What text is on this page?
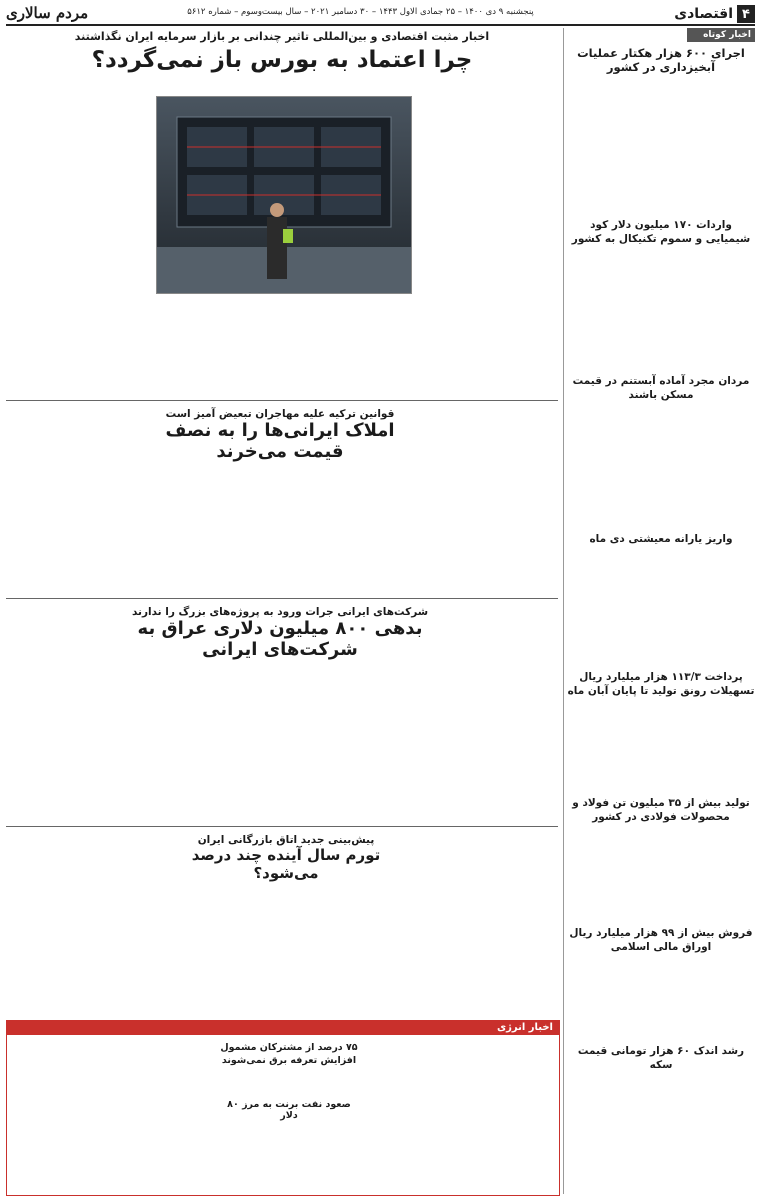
۴
اقتصادی
پنجشنبه ۹ دی ۱۴۰۰ – ۲۵ جمادی الاول ۱۴۴۳ – ۳۰ دسامبر ۲۰۲۱ – سال بیست‌وسوم – شماره ۵۶۱۲
مردم سالاری
اخبار کوتاه
اجرای ۶۰۰ هزار هکتار عملیات آبخیزداری در کشور
واردات ۱۷۰ میلیون دلار کود شیمیایی و سموم تکنیکال به کشور
مردان مجرد آماده آبستنم در قیمت مسکن باشند
واریز یارانه معیشتی دی ماه
پرداخت ۱۱۳/۳ هزار میلیارد ریال تسهیلات رونق تولید تا پایان آبان ماه
تولید بیش از ۳۵ میلیون تن فولاد و محصولات فولادی در کشور
فروش بیش از ۹۹ هزار میلیارد ریال اوراق مالی اسلامی
رشد اندک ۶۰ هزار تومانی قیمت سکه
اخبار مثبت اقتصادی و بین‌المللی تاثیر چندانی بر بازار سرمایه ایران نگذاشتند
چرا اعتماد به بورس باز نمی‌گردد؟
قوانین ترکیه علیه مهاجران تبعیض آمیز است
املاک ایرانی‌ها را به نصف قیمت می‌خرند
شرکت‌های ایرانی جرات ورود به پروژه‌های بزرگ را ندارند
بدهی ۸۰۰ میلیون دلاری عراق به شرکت‌های ایرانی
پیش‌بینی جدید اتاق بازرگانی ایران
تورم سال آینده چند درصد می‌شود؟
اخبار انرژی
۷۵ درصد از مشترکان مشمول افزایش تعرفه برق نمی‌شوند
صعود نفت برنت به مرز ۸۰ دلار
